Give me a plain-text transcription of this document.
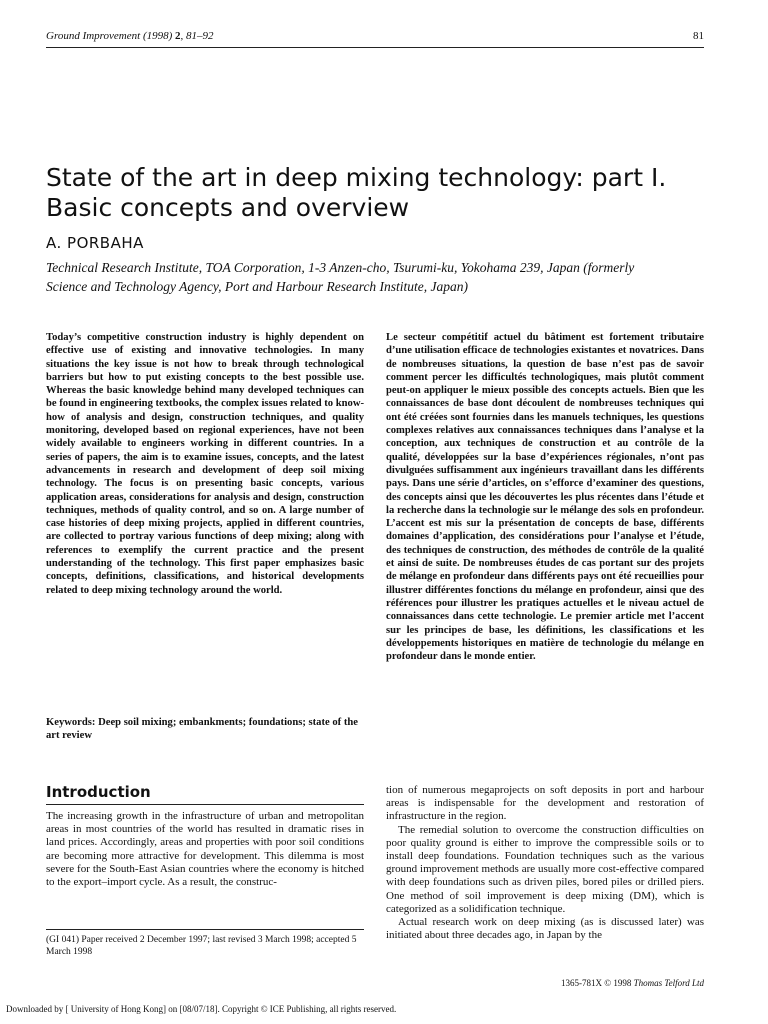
Ground Improvement (1998) 2, 81–92	81
State of the art in deep mixing technology: part I.
Basic concepts and overview
A. PORBAHA
Technical Research Institute, TOA Corporation, 1-3 Anzen-cho, Tsurumi-ku, Yokohama 239, Japan (formerly Science and Technology Agency, Port and Harbour Research Institute, Japan)

Today’s competitive construction industry is highly dependent on effective use of existing and innovative technologies. In many situations the key issue is not how to break through technological barriers but how to put existing concepts to the best possible use. Whereas the basic knowledge behind many developed techniques can be found in engineering textbooks, the complex issues related to know-how of analysis and design, construction techniques, and quality monitoring, developed based on regional experiences, have not been widely available to engineers working in different countries. In a series of papers, the aim is to examine issues, concepts, and the latest advancements in research and development of deep soil mixing technology. The focus is on presenting basic concepts, various application areas, considerations for analysis and design, construction techniques, methods of quality control, and so on. A large number of case histories of deep mixing projects, applied in different countries, are collected to portray various functions of deep mixing; along with references to exemplify the current practice and the present understanding of the technology. This first paper emphasizes basic concepts, definitions, classifications, and historical developments related to deep mixing technology around the world.

Le secteur compétitif actuel du bâtiment est fortement tributaire d’une utilisation efficace de technologies existantes et novatrices. Dans de nombreuses situations, la question de base n’est pas de savoir comment percer les difficultés technologiques, mais plutôt comment peut-on appliquer le mieux possible des concepts actuels. Bien que les connaissances de base dont découlent de nombreuses techniques qui ont été créées sont fournies dans les manuels techniques, les questions complexes relatives aux connaissances techniques dans l’analyse et la conception, aux techniques de construction et au contrôle de la qualité, développées sur la base d’expériences régionales, n’ont pas divulguées suffisamment aux ingénieurs travaillant dans les différents pays. Dans une série d’articles, on s’efforce d’examiner des questions, des concepts ainsi que les découvertes les plus récentes dans l’étude et la recherche dans la technologie sur le mélange des sols en profondeur. L’accent est mis sur la présentation de concepts de base, différents domaines d’application, des considérations pour l’analyse et l’étude, des techniques de construction, des méthodes de contrôle de la qualité et ainsi de suite. De nombreuses études de cas portant sur des projets de mélange en profondeur dans différents pays ont été recueillies pour illustrer différentes fonctions du mélange en profondeur, ainsi que des références pour illustrer les pratiques actuelles et le niveau actuel de connaissances dans cette technologie. Le premier article met l’accent sur les principes de base, les définitions, les classifications et les développements historiques en matière de technologie du mélange en profondeur dans le monde entier.

Keywords: Deep soil mixing; embankments; foundations; state of the art review

Introduction

The increasing growth in the infrastructure of urban and metropolitan areas in most countries of the world has resulted in dramatic rises in land prices. Accordingly, areas and properties with poor soil conditions are becoming more attractive for development. This dilemma is most severe for the South-East Asian countries where the economy is hitched to the export–import cycle. As a result, the construc-

tion of numerous megaprojects on soft deposits in port and harbour areas is indispensable for the development and restoration of infrastructure in the region.

The remedial solution to overcome the construction difficulties on poor quality ground is either to improve the compressible soils or to install deep foundations. Foundation techniques such as the various ground improvement methods are usually more cost-effective compared with deep foundations such as driven piles, bored piles or drilled piers. One method of soil improvement is deep mixing (DM), which is categorized as a solidification technique.

Actual research work on deep mixing (as is discussed later) was initiated about three decades ago, in Japan by the

(GI 041) Paper received 2 December 1997; last revised 3 March 1998; accepted 5 March 1998

1365-781X © 1998 Thomas Telford Ltd
Downloaded by [ University of Hong Kong] on [08/07/18]. Copyright © ICE Publishing, all rights reserved.
